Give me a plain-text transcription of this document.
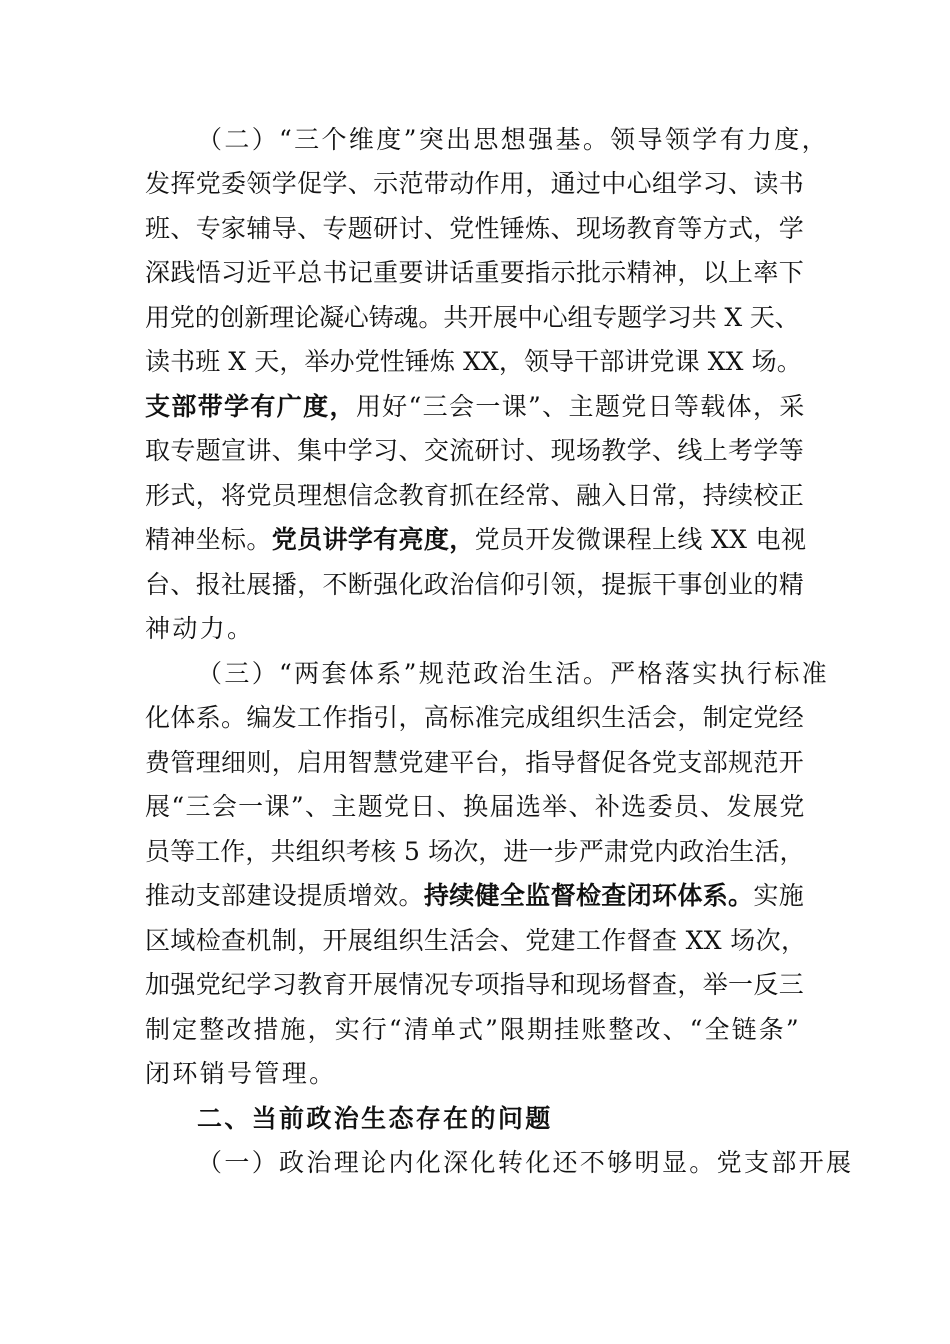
（二）“三个维度”突出思想强基。领导领学有力度，
发挥党委领学促学、示范带动作用，通过中心组学习、读书
班、专家辅导、专题研讨、党性锤炼、现场教育等方式，学
深践悟习近平总书记重要讲话重要指示批示精神，以上率下
用党的创新理论凝心铸魂。共开展中心组专题学习共 X 天、
读书班 X 天，举办党性锤炼 XX，领导干部讲党课 XX 场。
支部带学有广度，用好“三会一课”、主题党日等载体，采
取专题宣讲、集中学习、交流研讨、现场教学、线上考学等
形式，将党员理想信念教育抓在经常、融入日常，持续校正
精神坐标。党员讲学有亮度，党员开发微课程上线 XX 电视
台、报社展播，不断强化政治信仰引领，提振干事创业的精
神动力。
（三）“两套体系”规范政治生活。严格落实执行标准
化体系。编发工作指引，高标准完成组织生活会，制定党经
费管理细则，启用智慧党建平台，指导督促各党支部规范开
展“三会一课”、主题党日、换届选举、补选委员、发展党
员等工作，共组织考核 5 场次，进一步严肃党内政治生活，
推动支部建设提质增效。持续健全监督检查闭环体系。实施
区域检查机制，开展组织生活会、党建工作督查 XX 场次，
加强党纪学习教育开展情况专项指导和现场督查，举一反三
制定整改措施，实行“清单式”限期挂账整改、“全链条”
闭环销号管理。
二、当前政治生态存在的问题
（一）政治理论内化深化转化还不够明显。党支部开展
